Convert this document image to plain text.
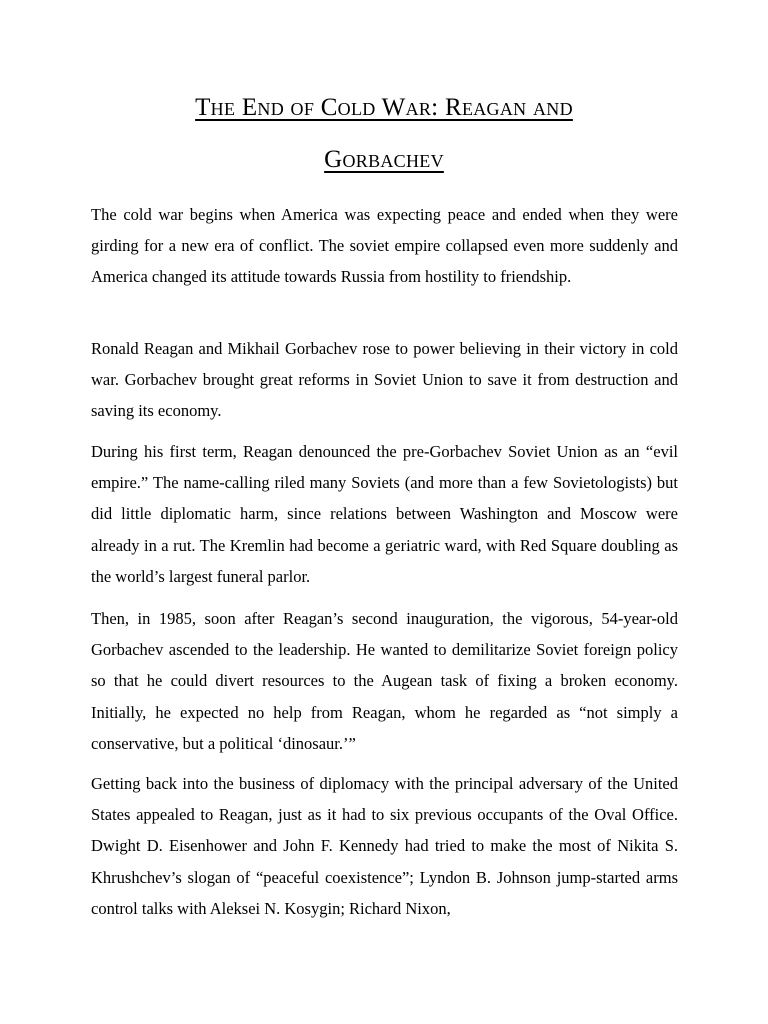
The End of Cold War: Reagan and
Gorbachev

The cold war begins when America was expecting peace and ended when they were girding for a new era of conflict. The soviet empire collapsed even more suddenly and America changed its attitude towards Russia from hostility to friendship.

Ronald Reagan and Mikhail Gorbachev rose to power believing in their victory in cold war. Gorbachev brought great reforms in Soviet Union to save it from destruction and saving its economy.

During his first term, Reagan denounced the pre-Gorbachev Soviet Union as an “evil empire.” The name-calling riled many Soviets (and more than a few Sovietologists) but did little diplomatic harm, since relations between Washington and Moscow were already in a rut. The Kremlin had become a geriatric ward, with Red Square doubling as the world’s largest funeral parlor.

Then, in 1985, soon after Reagan’s second inauguration, the vigorous, 54-year-old Gorbachev ascended to the leadership. He wanted to demilitarize Soviet foreign policy so that he could divert resources to the Augean task of fixing a broken economy. Initially, he expected no help from Reagan, whom he regarded as “not simply a conservative, but a political ‘dinosaur.’”

Getting back into the business of diplomacy with the principal adversary of the United States appealed to Reagan, just as it had to six previous occupants of the Oval Office. Dwight D. Eisenhower and John F. Kennedy had tried to make the most of Nikita S. Khrushchev’s slogan of “peaceful coexistence”; Lyndon B. Johnson jump-started arms control talks with Aleksei N. Kosygin; Richard Nixon,
